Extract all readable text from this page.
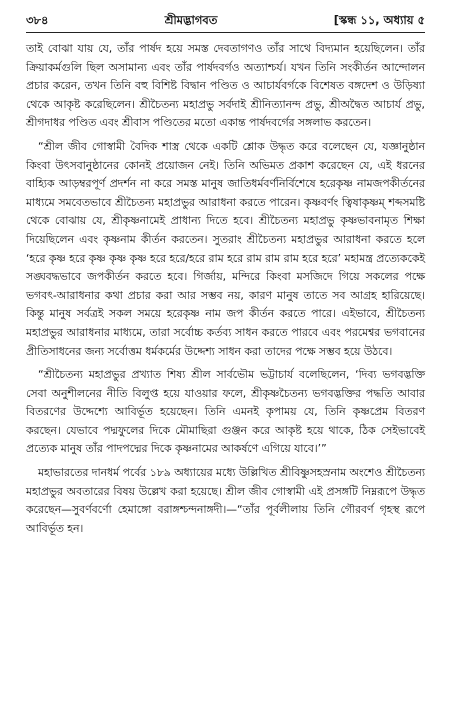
৩৮৪	শ্রীমদ্ভাগবত	[স্কন্ধ ১১, অধ্যায় ৫

তাই বোঝা যায় যে, তাঁর পার্ষদ হয়ে সমস্ত দেবতাগণও তাঁর সাথে বিদ্যমান হয়েছিলেন। তাঁর ক্রিয়াকর্মগুলি ছিল অসামান্য এবং তাঁর পার্ষদবর্গও অত্যাশ্চর্য। যখন তিনি সংকীর্তন আন্দোলন প্রচার করেন, তখন তিনি বহু বিশিষ্ট বিদ্বান পণ্ডিত ও আচার্যবর্গকে বিশেষত বঙ্গদেশ ও উড়িষ্যা থেকে আকৃষ্ট করেছিলেন। শ্রীচৈতন্য মহাপ্রভু সর্বদাই শ্রীনিত্যানন্দ প্রভু, শ্রীঅদ্বৈত আচার্য প্রভু, শ্রীগদাধর পণ্ডিত এবং শ্রীবাস পণ্ডিতের মতো একান্ত পার্ষদবর্গের সঙ্গলাভ করতেন।

“শ্রীল জীব গোস্বামী বৈদিক শাস্ত্র থেকে একটি শ্লোক উদ্ধৃত করে বলেছেন যে, যজ্ঞানুষ্ঠান কিংবা উৎসবানুষ্ঠানের কোনই প্রয়োজন নেই। তিনি অভিমত প্রকাশ করেছেন যে, এই ধরনের বাহ্যিক আড়ম্বরপূর্ণ প্রদর্শন না করে সমস্ত মানুষ জাতিধর্মবর্ণনির্বিশেষে হরেকৃষ্ণ নামজপকীর্তনের মাধ্যমে সমবেতভাবে শ্রীচৈতন্য মহাপ্রভুর আরাধনা করতে পারেন। কৃষ্ণবর্ণং ত্বিষাকৃষ্ণম্ শব্দসমষ্টি থেকে বোঝায় যে, শ্রীকৃষ্ণনামেই প্রাধান্য দিতে হবে। শ্রীচৈতন্য মহাপ্রভু কৃষ্ণভাবনামৃত শিক্ষা দিয়েছিলেন এবং কৃষ্ণনাম কীর্তন করতেন। সুতরাং শ্রীচৈতন্য মহাপ্রভুর আরাধনা করতে হলে ‘হরে কৃষ্ণ হরে কৃষ্ণ কৃষ্ণ কৃষ্ণ হরে হরে/হরে রাম হরে রাম রাম রাম হরে হরে’ মহামন্ত্র প্রত্যেককেই সঙ্ঘবদ্ধভাবে জপকীর্তন করতে হবে। গির্জায়, মন্দিরে কিংবা মসজিদে গিয়ে সকলের পক্ষে ভগবৎ-আরাধনার কথা প্রচার করা আর সম্ভব নয়, কারণ মানুষ তাতে সব আগ্রহ হারিয়েছে। কিন্তু মানুষ সর্বত্রই সকল সময়ে হরেকৃষ্ণ নাম জপ কীর্তন করতে পারে। এইভাবে, শ্রীচৈতন্য মহাপ্রভুর আরাধনার মাধ্যমে, তারা সর্বোচ্চ কর্তব্য সাধন করতে পারবে এবং পরমেশ্বর ভগবানের প্রীতিসাধনের জন্য সর্বোত্তম ধর্মকর্মের উদ্দেশ্য সাধন করা তাদের পক্ষে সম্ভব হয়ে উঠবে।

“শ্রীচৈতন্য মহাপ্রভুর প্রখ্যাত শিষ্য শ্রীল সার্বভৌম ভট্টাচার্য বলেছিলেন, ‘দিব্য ভগবদ্ভক্তি সেবা অনুশীলনের নীতি বিলুপ্ত হয়ে যাওয়ার ফলে, শ্রীকৃষ্ণচৈতন্য ভগবদ্ভক্তির পদ্ধতি আবার বিতরণের উদ্দেশ্যে আবির্ভূত হয়েছেন। তিনি এমনই কৃপাময় যে, তিনি কৃষ্ণপ্রেম বিতরণ করছেন। যেভাবে পদ্মফুলের দিকে মৌমাছিরা গুঞ্জন করে আকৃষ্ট হয়ে থাকে, ঠিক সেইভাবেই প্রত্যেক মানুষ তাঁর পাদপদ্মের দিকে কৃষ্ণনামের আকর্ষণে এগিয়ে যাবে।’”

মহাভারতের দানধর্ম পর্বের ১৮৯ অধ্যায়ের মধ্যে উল্লিখিত শ্রীবিষ্ণুসহস্রনাম অংশেও শ্রীচৈতন্য মহাপ্রভুর অবতারের বিষয় উল্লেখ করা হয়েছে। শ্রীল জীব গোস্বামী এই প্রসঙ্গটি নিম্নরূপে উদ্ধৃত করেছেন—সুবর্ণবর্ণো হেমাঙ্গো বরাঙ্গশ্চন্দনাঙ্গদী।—“তাঁর পূর্বলীলায় তিনি গৌরবর্ণ গৃহস্থ রূপে আবির্ভূত হন।
